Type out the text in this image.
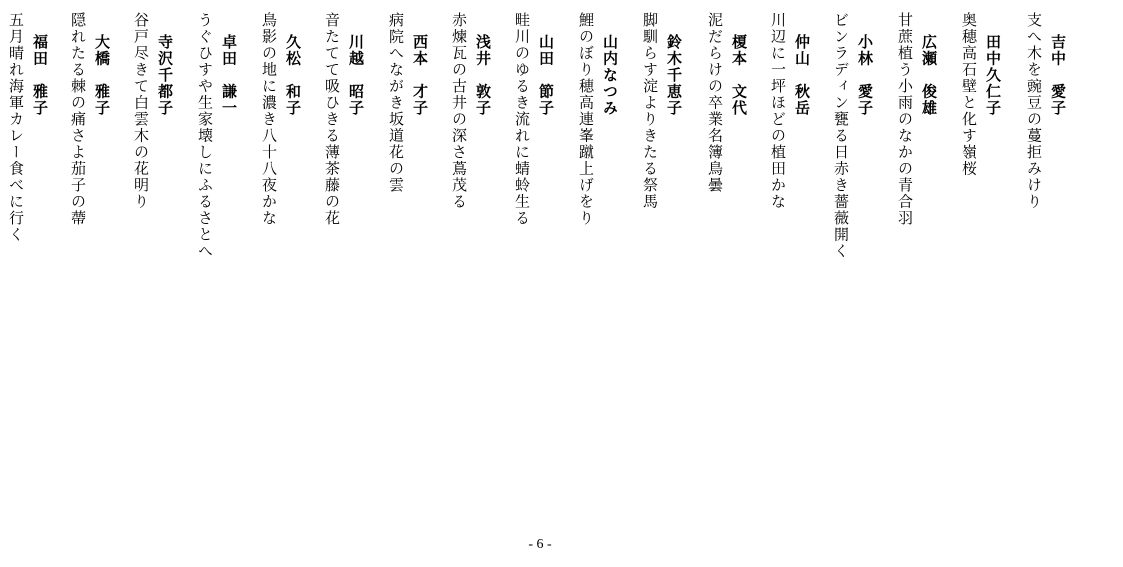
吉中　愛子
支へ木を豌豆の蔓拒みけり
田中久仁子
奥穂高石壁と化す嶺桜
広瀬　俊雄
甘蔗植う小雨のなかの青合羽
小林　愛子
ビンラディン甕る日赤き薔薇開く
仲山　秋岳
川辺に一坪ほどの植田かな
榎本　文代
泥だらけの卒業名簿鳥曇
鈴木千恵子
脚馴らす淀よりきたる祭馬
山内なつみ
鯉のぼり穂高連峯蹴上げをり
山田　節子
畦川のゆるき流れに蜻蛉生る
浅井　敦子
赤煉瓦の古井の深さ蔦茂る
西本　才子
病院へながき坂道花の雲
川越　昭子
音たてて吸ひきる薄茶藤の花
久松　和子
鳥影の地に濃き八十八夜かな
卓田　謙一
うぐひすや生家壊しにふるさとへ
寺沢千都子
谷戸尽きて白雲木の花明り
大橋　雅子
隠れたる棘の痛さよ茄子の蔕
福田　雅子
五月晴れ海軍カレー食べに行く
- 6 -
